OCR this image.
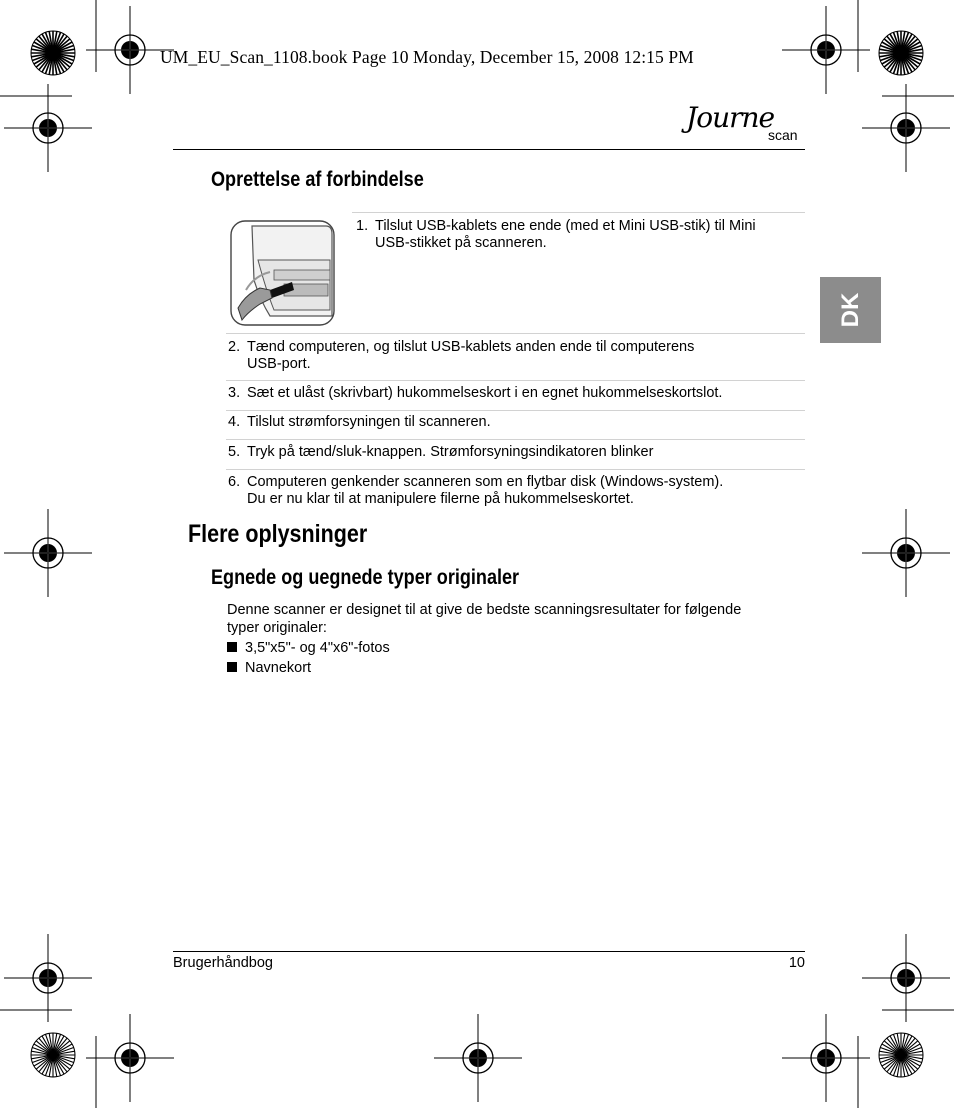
UM_EU_Scan_1108.book Page 10 Monday, December 15, 2008 12:15 PM
Journe
scan
DK
Oprettelse af forbindelse
1. Tilslut USB-kablets ene ende (med et Mini USB-stik) til Mini
USB-stikket på scanneren.
2. Tænd computeren, og tilslut USB-kablets anden ende til computerens
USB-port.
3. Sæt et ulåst (skrivbart) hukommelseskort i en egnet hukommelseskortslot.
4. Tilslut strømforsyningen til scanneren.
5. Tryk på tænd/sluk-knappen. Strømforsyningsindikatoren blinker
6. Computeren genkender scanneren som en flytbar disk (Windows-system).
Du er nu klar til at manipulere filerne på hukommelseskortet.
Flere oplysninger
Egnede og uegnede typer originaler
Denne scanner er designet til at give de bedste scanningsresultater for følgende
typer originaler:
3,5"x5"- og 4"x6"-fotos
Navnekort
Brugerhåndbog	10
